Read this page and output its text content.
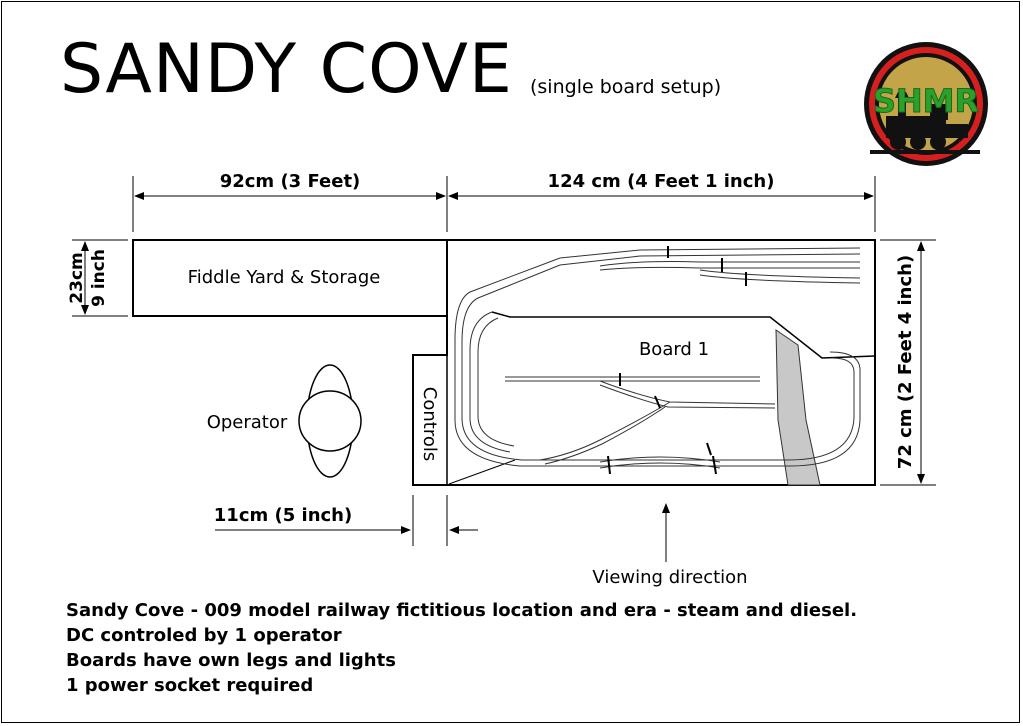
SANDY COVE (single board setup)	SHMR
92cm (3 Feet)	124 cm (4 Feet 1 inch)
23cm 9 inch	Fiddle Yard & Storage
Board 1
Controls	72 cm (2 Feet 4 inch)
11cm (5 inch)
Operator
Viewing direction
Sandy Cove - 009 model railway fictitious location and era - steam and diesel.
DC controled by 1 operator
Boards have own legs and lights
1 power socket required
